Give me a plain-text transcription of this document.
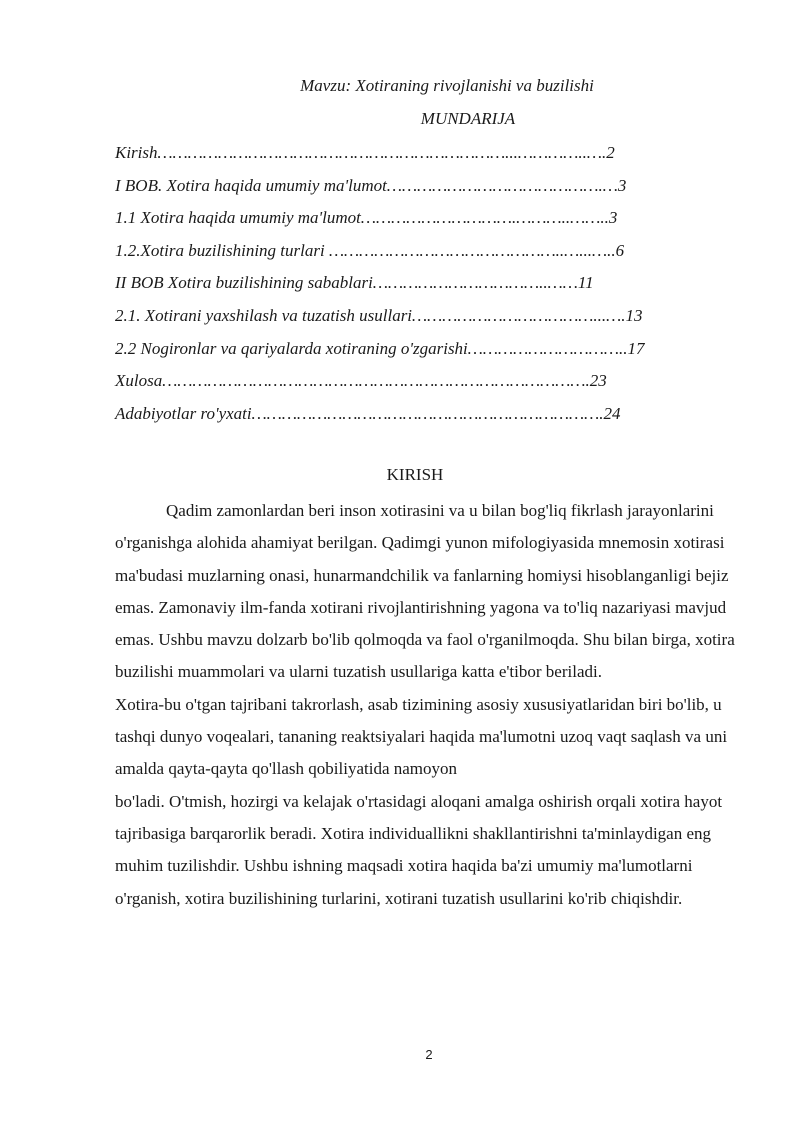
Mavzu: Xotiraning rivojlanishi va buzilishi
MUNDARIJA
Kirish……………………………………………………………...…………..….2
I BOB. Xotira haqida umumiy ma'lumot…………………………………….…3
1.1 Xotira haqida umumiy ma'lumot………………………….………..……..3
1.2.Xotira buzilishining turlari ………………………………………..…...…..6
II BOB Xotira buzilishining sabablari……………………………..……11
2.1. Xotirani yaxshilash va tuzatish usullari………………………………...….13
2.2 Nogironlar va qariyalarda xotiraning o'zgarishi…………………………..17
Xulosa………………………………………………………………………….23
Adabiyotlar ro'yxati…………………………………………………………….24
KIRISH

Qadim zamonlardan beri inson xotirasini va u bilan bog'liq fikrlash jarayonlarini o'rganishga alohida ahamiyat berilgan. Qadimgi yunon mifologiyasida mnemosin xotirasi ma'budasi muzlarning onasi, hunarmandchilik va fanlarning homiysi hisoblanganligi bejiz emas. Zamonaviy ilm-fanda xotirani rivojlantirishning yagona va to'liq nazariyasi mavjud emas. Ushbu mavzu dolzarb bo'lib qolmoqda va faol o'rganilmoqda. Shu bilan birga, xotira buzilishi muammolari va ularni tuzatish usullariga katta e'tibor beriladi.

Xotira-bu o'tgan tajribani takrorlash, asab tizimining asosiy xususiyatlaridan biri bo'lib, u tashqi dunyo voqealari, tananing reaktsiyalari haqida ma'lumotni uzoq vaqt saqlash va uni amalda qayta-qayta qo'llash qobiliyatida namoyon

bo'ladi. O'tmish, hozirgi va kelajak o'rtasidagi aloqani amalga oshirish orqali xotira hayot tajribasiga barqarorlik beradi. Xotira individuallikni shakllantirishni ta'minlaydigan eng muhim tuzilishdir. Ushbu ishning maqsadi xotira haqida ba'zi umumiy ma'lumotlarni o'rganish, xotira buzilishining turlarini, xotirani tuzatish usullarini ko'rib chiqishdir.

2
